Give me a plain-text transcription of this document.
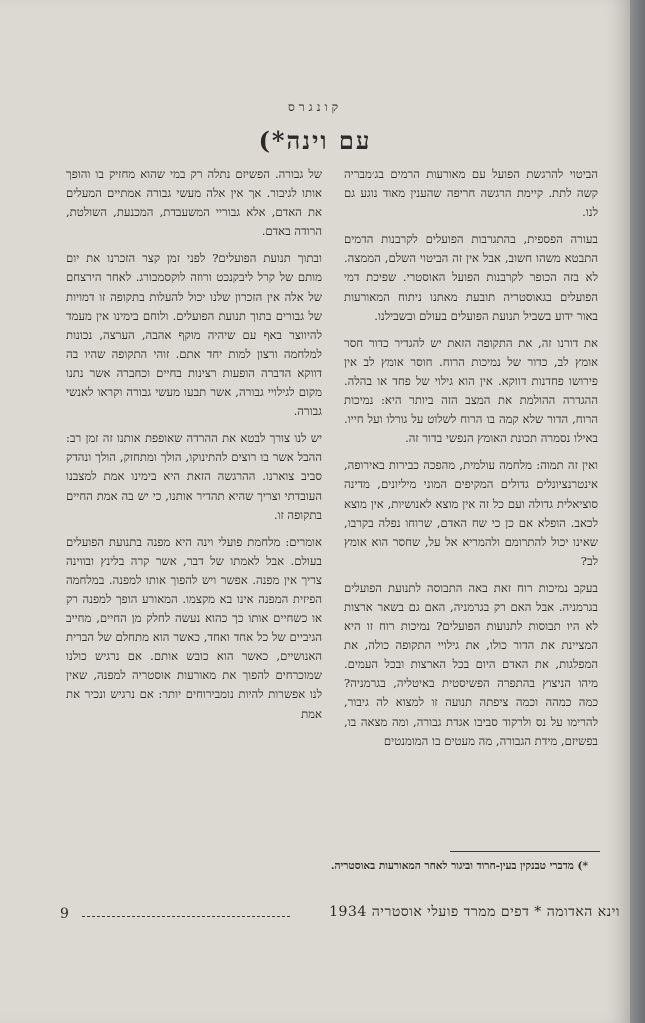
קונגרס
עם וינה*)

הביטוי להרגשת הפועל עם מאורעות הרמים בג׳מבריה קשה לתת. קיימת הרגשה חריפה שהענין מאוד נוגע גם לנו.

בעורה הפספית, בהתגרבות הפועלים לקרבנות הדמים התבטא משהו חשוב, אבל אין זה הביטוי השלם, הממצה. לא בזה הכופר לקרבנות הפועל האוסטרי. שפיכת דמי הפועלים בגאוסטריה תובעת מאתנו ניתוח המאורעות באור ידוע בשביל תנועת הפועלים בעולם ובשבילנו.

את דורנו זה, את התקופה הזאת יש להגדיר כדור חסר אומץ לב, כדור של נמיכות הרוח. חוסר אומץ לב אין פירושו פחדנות דווקא. אין הוא גילוי של פחד או בהלה. ההגדרה ההולמת את המצב הזה ביותר היא: נמיכות הרוח, הדור שלא קמה בו הרוח לשלוט על גורלו ועל חייו. באילו נסמרה תכונת האומץ הנפשי בדור זה.

ואין זה תמוה: מלחמה עולמית, מהפכה כבירות באירופה, אינטרנציונלים גדולים המקיפים המוני מיליונים, מדינה סוציאלית גדולה ועם כל זה אין מוצא לאנושיות, אין מוצא לכאב. הופלא אם כן כי שח האדם, שרוחו נפלה בקרבו, שאינו יכול להתרומם ולהמריא אל על, שחסר הוא אומץ לב?

בעקב נמיכות רוח זאת באה התבוסה לתנועת הפועלים בגרמניה. אבל האם רק בגרמניה, האם גם בשאר ארצות לא היו תבוסות לתנועות הפועלים? נמיכות רוח זו היא המציינת את הדור כולו, את גילויי התקופה כולה, את המפלגות, את האדם היום בכל הארצות ובכל העמים. מיהו הניצוץ בהתפרה הפשיסטית באיטליה, בגרמניה? כמה כמהה וכמה ציפתה תנועה זו למצוא לה גיבור, להרימו על נס ולרקוד סביבו אגדת גבורה, ומה מצאה בו, בפשיזם, מידת הגבורה, מה מעטים בו המומנטים

של גבורה. הפשיזם נתלה רק במי שהוא מחזיק בו והופך אותו לגיבור. אך אין אלה מעשי גבורה אמתיים המעלים את האדם, אלא גבוריי המשעבדת, המכנעת, השולטת, הרודה באדם.

ובתוך תנועת הפועלים? לפני זמן קצר הזכרנו את יום מותם של קרל ליבקנכט ורוזה לוקסמבורג. לאחר הירצחם של אלה אין הזכרון שלנו יכול להעלות בתקופה זו דמויות של גבורים בתוך תנועת הפועלים. ולוחם בימינו אין מעמד להיווצר באף עם שיהיה מוקף אהבה, הערצה, נכונות למלחמה ורצון למות יחד אתם. זוהי התקופה שהיו בה דווקא הדברה הופעות רצינות בחיים וכחברה אשר נתנו מקום לגילויי גבורה, אשר תבעו מעשי גבורה וקראו לאנשי גבורה.

יש לנו צורך לבטא את ההרדה שאופפת אותנו זה זמן רב: ההבל אשר בו רוצים להתינוקו, הולך ומתחזק, הולך ונהדק סביב צוארנו. ההרגשה הזאת היא בימינו אמת למצבנו העובדתי וצריך שהיא תהדיר אותנו, כי יש בה אמת החיים בתקופה זו.

אומרים: מלחמת פועלי וינה היא מפנה בתנועת הפועלים בעולם. אבל לאמתו של דבר, אשר קרה בלינץ ובווינה צריך אין מפנה. אפשר ויש להפוך אותו למפנה. במלחמה הפיזית המפנה אינו בא מקצמו. המאורע הופך למפנה רק או כשחיים אותו כך כהוא נעשה לחלק מן החיים, מחייב הגיביים של כל אחד ואחד, כאשר הוא מתחלם של הברית האנושיים, כאשר הוא כובש אותם. אם נרגיש כולנו שמוכרחים להפוך את מאורעות אוסטריה למפנה, שאין לנו אפשרות להיות נומבירוחים יותר: אם נרגיש ונכיר את אמת

*) מדברי טבנקין בעין-חרוד וביגור לאחר המאורעות באוסטריה.
9	וינא האדומה * דפים ממרד פועלי אוסטריה 1934
